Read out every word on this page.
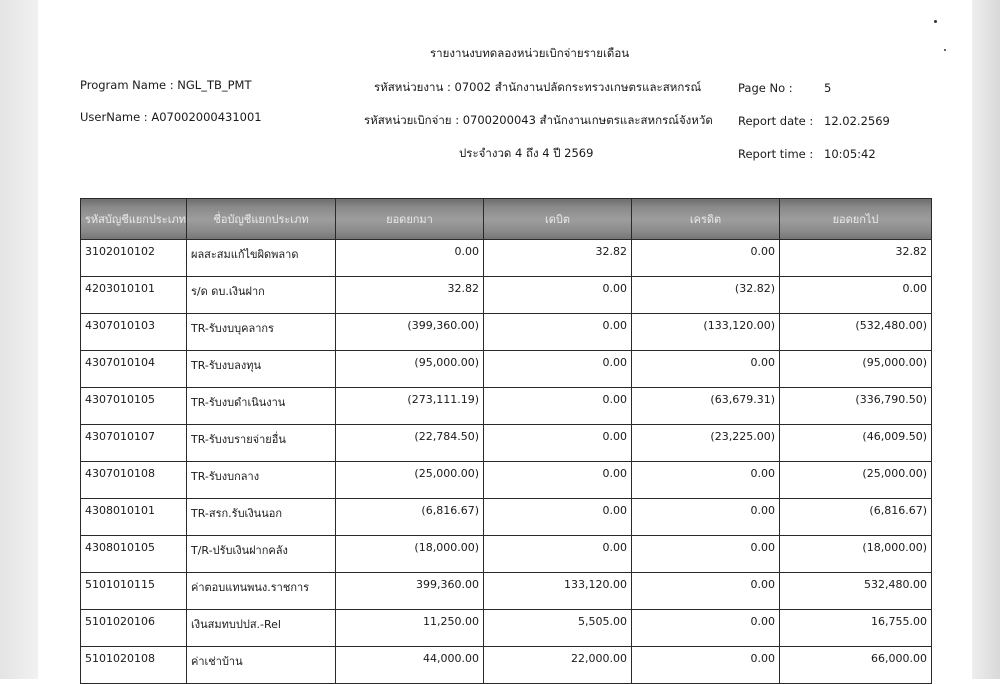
รายงานงบทดลองหน่วยเบิกจ่ายรายเดือน
Program Name : NGL_TB_PMT
UserName : A07002000431001
รหัสหน่วยงาน : 07002 สำนักงานปลัดกระทรวงเกษตรและสหกรณ์
รหัสหน่วยเบิกจ่าย : 0700200043 สำนักงานเกษตรและสหกรณ์จังหวัด
ประจำงวด 4 ถึง 4 ปี 2569
Page No :	5
Report date : 12.02.2569
Report time : 10:05:42
รหัสบัญชีแยกประเภท	ชื่อบัญชีแยกประเภท	ยอดยกมา	เดบิต	เครดิต	ยอดยกไป
3102010102	ผลสะสมแก้ไขผิดพลาด	0.00	32.82	0.00	32.82
4203010101	ร/ด ดบ.เงินฝาก	32.82	0.00	(32.82)	0.00
4307010103	TR-รับงบบุคลากร	(399,360.00)	0.00	(133,120.00)	(532,480.00)
4307010104	TR-รับงบลงทุน	(95,000.00)	0.00	0.00	(95,000.00)
4307010105	TR-รับงบดำเนินงาน	(273,111.19)	0.00	(63,679.31)	(336,790.50)
4307010107	TR-รับงบรายจ่ายอื่น	(22,784.50)	0.00	(23,225.00)	(46,009.50)
4307010108	TR-รับงบกลาง	(25,000.00)	0.00	0.00	(25,000.00)
4308010101	TR-สรก.รับเงินนอก	(6,816.67)	0.00	0.00	(6,816.67)
4308010105	T/R-ปรับเงินฝากคลัง	(18,000.00)	0.00	0.00	(18,000.00)
5101010115	ค่าตอบแทนพนง.ราชการ	399,360.00	133,120.00	0.00	532,480.00
5101020106	เงินสมทบปปส.-Rel	11,250.00	5,505.00	0.00	16,755.00
5101020108	ค่าเช่าบ้าน	44,000.00	22,000.00	0.00	66,000.00
